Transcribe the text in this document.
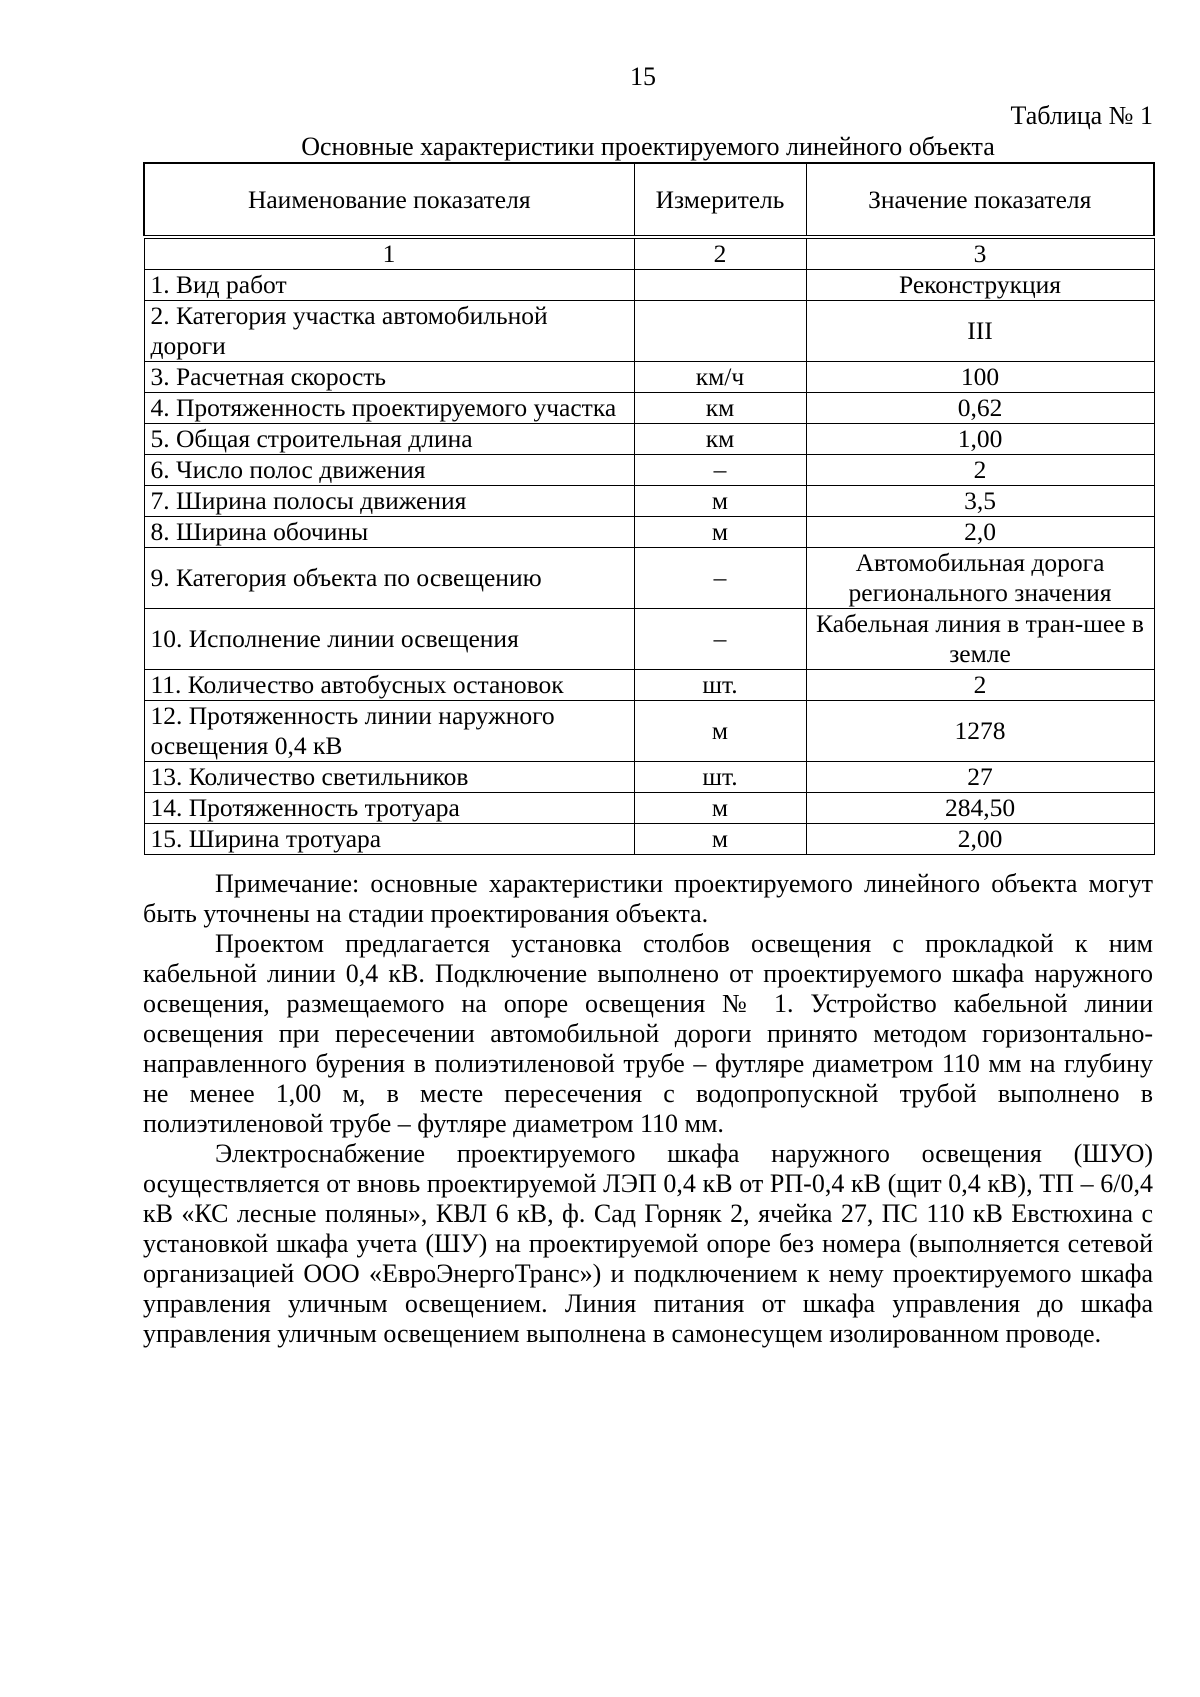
15
Таблица № 1
Основные характеристики проектируемого линейного объекта
Наименование показателя	Измеритель	Значение показателя

1	2	3
1. Вид работ		Реконструкция
2. Категория участка автомобильной дороги		III
3. Расчетная скорость	км/ч	100
4. Протяженность проектируемого участка	км	0,62
5. Общая строительная длина	км	1,00
6. Число полос движения	–	2
7. Ширина полосы движения	м	3,5
8. Ширина обочины	м	2,0
9. Категория объекта по освещению	–	Автомобильная дорога регионального значения
10. Исполнение линии освещения	–	Кабельная линия в тран-шее в земле
11. Количество автобусных остановок	шт.	2
12. Протяженность линии наружного освещения 0,4 кВ	м	1278
13. Количество светильников	шт.	27
14. Протяженность тротуара	м	284,50
15. Ширина тротуара	м	2,00

Примечание: основные характеристики проектируемого линейного объекта могут быть уточнены на стадии проектирования объекта.

Проектом предлагается установка столбов освещения с прокладкой к ним кабельной линии 0,4 кВ. Подключение выполнено от проектируемого шкафа наружного освещения, размещаемого на опоре освещения № 1. Устройство кабельной линии освещения при пересечении автомобильной дороги принято методом горизонтально-направленного бурения в полиэтиленовой трубе – футляре диаметром 110 мм на глубину не менее 1,00 м, в месте пересечения с водопропускной трубой выполнено в полиэтиленовой трубе – футляре диаметром 110 мм.

Электроснабжение проектируемого шкафа наружного освещения (ШУО) осуществляется от вновь проектируемой ЛЭП 0,4 кВ от РП-0,4 кВ (щит 0,4 кВ), ТП – 6/0,4 кВ «КС лесные поляны», КВЛ 6 кВ, ф. Сад Горняк 2, ячейка 27, ПС 110 кВ Евстюхина с установкой шкафа учета (ШУ) на проектируемой опоре без номера (выполняется сетевой организацией ООО «ЕвроЭнергоТранс») и подключением к нему проектируемого шкафа управления уличным освещением. Линия питания от шкафа управления до шкафа управления уличным освещением выполнена в самонесущем изолированном проводе.
